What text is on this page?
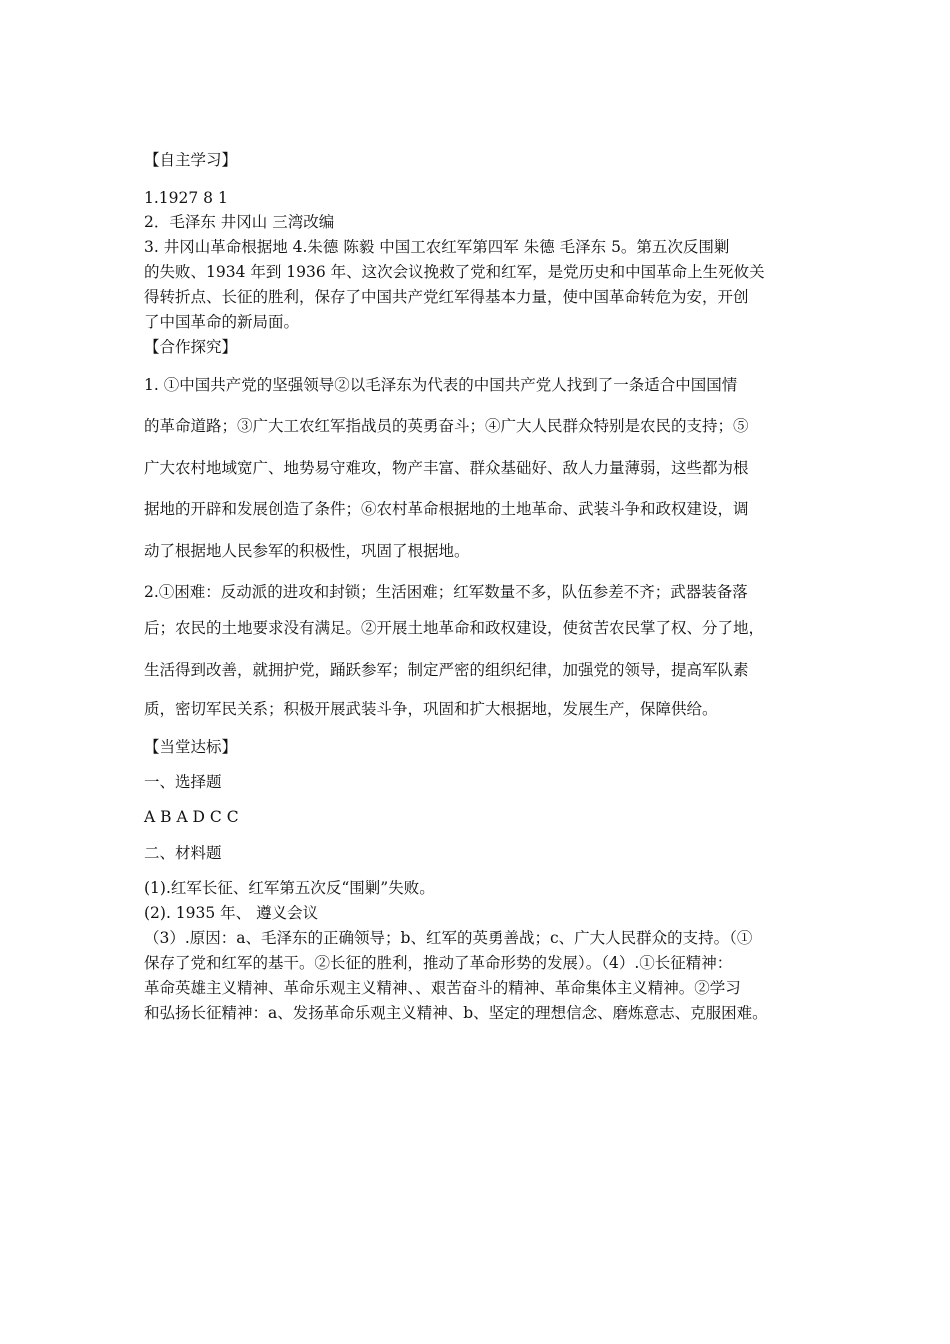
【自主学习】
1.1927 8 1
2．毛泽东 井冈山 三湾改编
3. 井冈山革命根据地 4.朱德 陈毅 中国工农红军第四军 朱德 毛泽东 5。第五次反围剿
的失败、1934 年到 1936 年、这次会议挽救了党和红军，是党历史和中国革命上生死攸关
得转折点、长征的胜利，保存了中国共产党红军得基本力量，使中国革命转危为安，开创
了中国革命的新局面。
【合作探究】
1. ①中国共产党的坚强领导②以毛泽东为代表的中国共产党人找到了一条适合中国国情
的革命道路；③广大工农红军指战员的英勇奋斗；④广大人民群众特别是农民的支持；⑤
广大农村地域宽广、地势易守难攻，物产丰富、群众基础好、敌人力量薄弱，这些都为根
据地的开辟和发展创造了条件；⑥农村革命根据地的土地革命、武装斗争和政权建设，调
动了根据地人民参军的积极性，巩固了根据地。
2.①困难：反动派的进攻和封锁；生活困难；红军数量不多，队伍参差不齐；武器装备落
后；农民的土地要求没有满足。②开展土地革命和政权建设，使贫苦农民掌了权、分了地，
生活得到改善，就拥护党，踊跃参军；制定严密的组织纪律，加强党的领导，提高军队素
质，密切军民关系；积极开展武装斗争，巩固和扩大根据地，发展生产，保障供给。
【当堂达标】
一、选择题
A B A D C C
二、材料题
(1).红军长征、红军第五次反“围剿”失败。
(2). 1935 年、 遵义会议
（3）.原因：a、毛泽东的正确领导；b、红军的英勇善战；c、广大人民群众的支持。（①
保存了党和红军的基干。②长征的胜利，推动了革命形势的发展）。（4）.①长征精神：
革命英雄主义精神、革命乐观主义精神、、艰苦奋斗的精神、革命集体主义精神。②学习
和弘扬长征精神：a、发扬革命乐观主义精神、b、坚定的理想信念、磨炼意志、克服困难。
